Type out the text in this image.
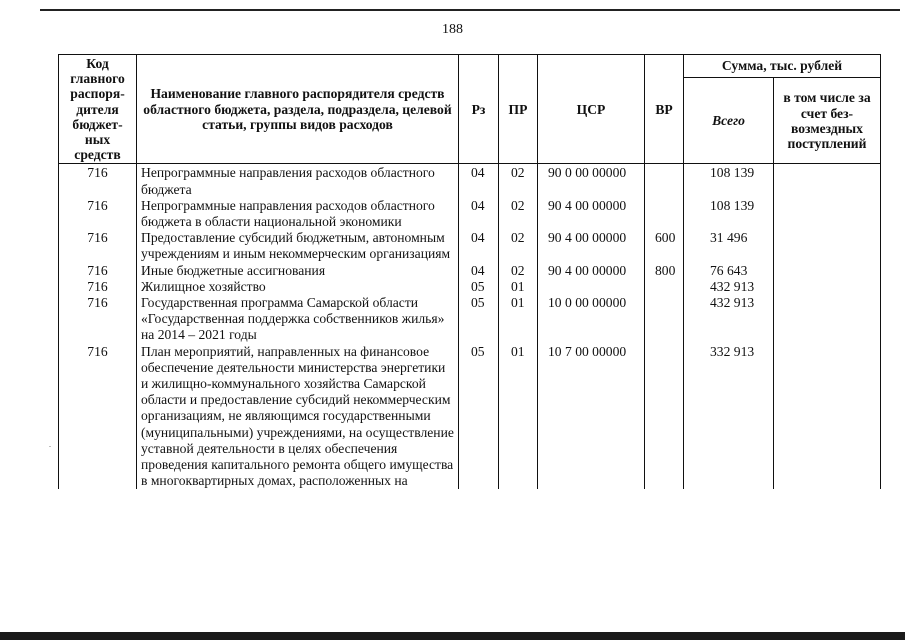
188
.
Код главного распоря-дителя бюджет-ных средств	Наименование главного распорядителя средств областного бюджета, раздела, подраздела, целевой статьи, группы видов расходов	Рз	ПР	ЦСР	ВР	Сумма, тыс. рублей	
						Всего	в том числе за счет без-возмездных поступлений
716	Непрограммные направления расходов областного бюджета	04	02	90 0 00 00000		108 139	
716	Непрограммные направления расходов областного бюджета в области национальной экономики	04	02	90 4 00 00000		108 139	
716	Предоставление субсидий бюджетным, автономным учреждениям и иным некоммерческим организациям	04	02	90 4 00 00000	600	31 496	
716	Иные бюджетные ассигнования	04	02	90 4 00 00000	800	76 643	
716	Жилищное хозяйство	05	01			432 913	
716	Государственная программа Самарской области «Государственная поддержка собственников жилья» на 2014 – 2021 годы	05	01	10 0 00 00000		432 913	
716	План мероприятий, направленных на финансовое обеспечение деятельности министерства энергетики и жилищно-коммунального хозяйства Самарской области и предоставление субсидий некоммерческим организациям, не являющимся государственными (муниципальными) учреждениями, на осуществление уставной деятельности в целях обеспечения проведения капитального ремонта общего имущества в многоквартирных домах, расположенных на	05	01	10 7 00 00000		332 913	
